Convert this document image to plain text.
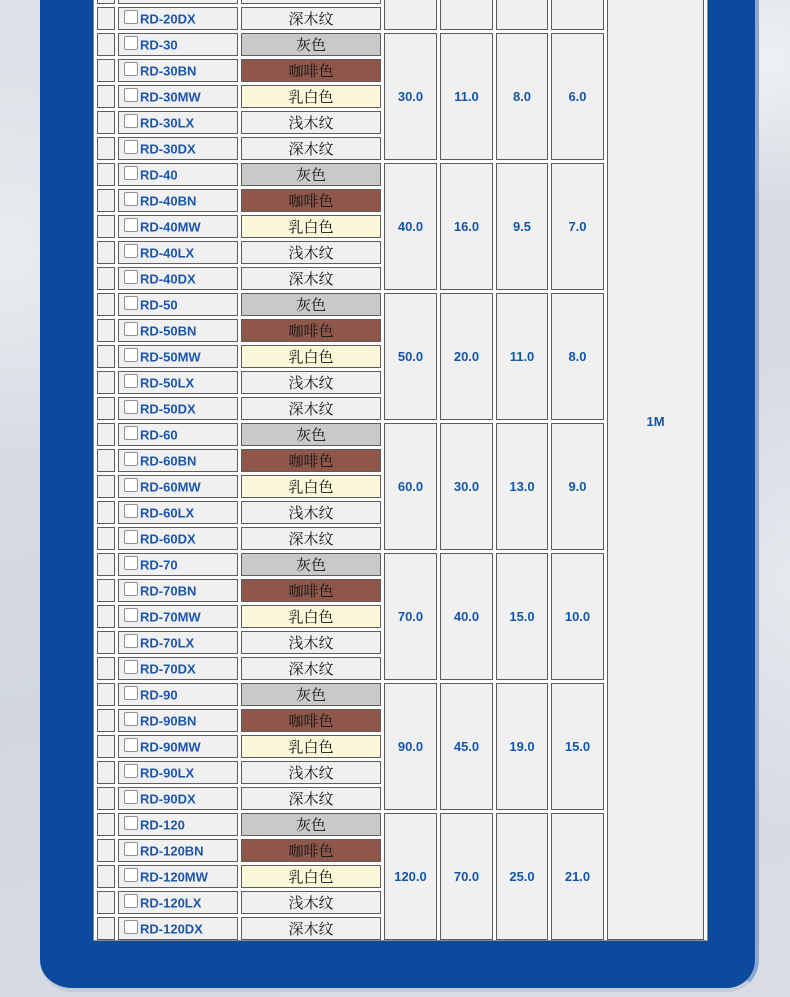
							1M

	RD-20DX	深木纹					
	RD-30	灰色	30.0	11.0	8.0	6.0	
	RD-30BN	咖啡色					
	RD-30MW	乳白色					
	RD-30LX	浅木纹					
	RD-30DX	深木纹					
	RD-40	灰色	40.0	16.0	9.5	7.0	
	RD-40BN	咖啡色					
	RD-40MW	乳白色					
	RD-40LX	浅木纹					
	RD-40DX	深木纹					
	RD-50	灰色	50.0	20.0	11.0	8.0	
	RD-50BN	咖啡色					
	RD-50MW	乳白色					
	RD-50LX	浅木纹					
	RD-50DX	深木纹					
	RD-60	灰色	60.0	30.0	13.0	9.0	
	RD-60BN	咖啡色					
	RD-60MW	乳白色					
	RD-60LX	浅木纹					
	RD-60DX	深木纹					
	RD-70	灰色	70.0	40.0	15.0	10.0	
	RD-70BN	咖啡色					
	RD-70MW	乳白色					
	RD-70LX	浅木纹					
	RD-70DX	深木纹					
	RD-90	灰色	90.0	45.0	19.0	15.0	
	RD-90BN	咖啡色					
	RD-90MW	乳白色					
	RD-90LX	浅木纹					
	RD-90DX	深木纹					
	RD-120	灰色	120.0	70.0	25.0	21.0	
	RD-120BN	咖啡色					
	RD-120MW	乳白色					
	RD-120LX	浅木纹					
	RD-120DX	深木纹					
